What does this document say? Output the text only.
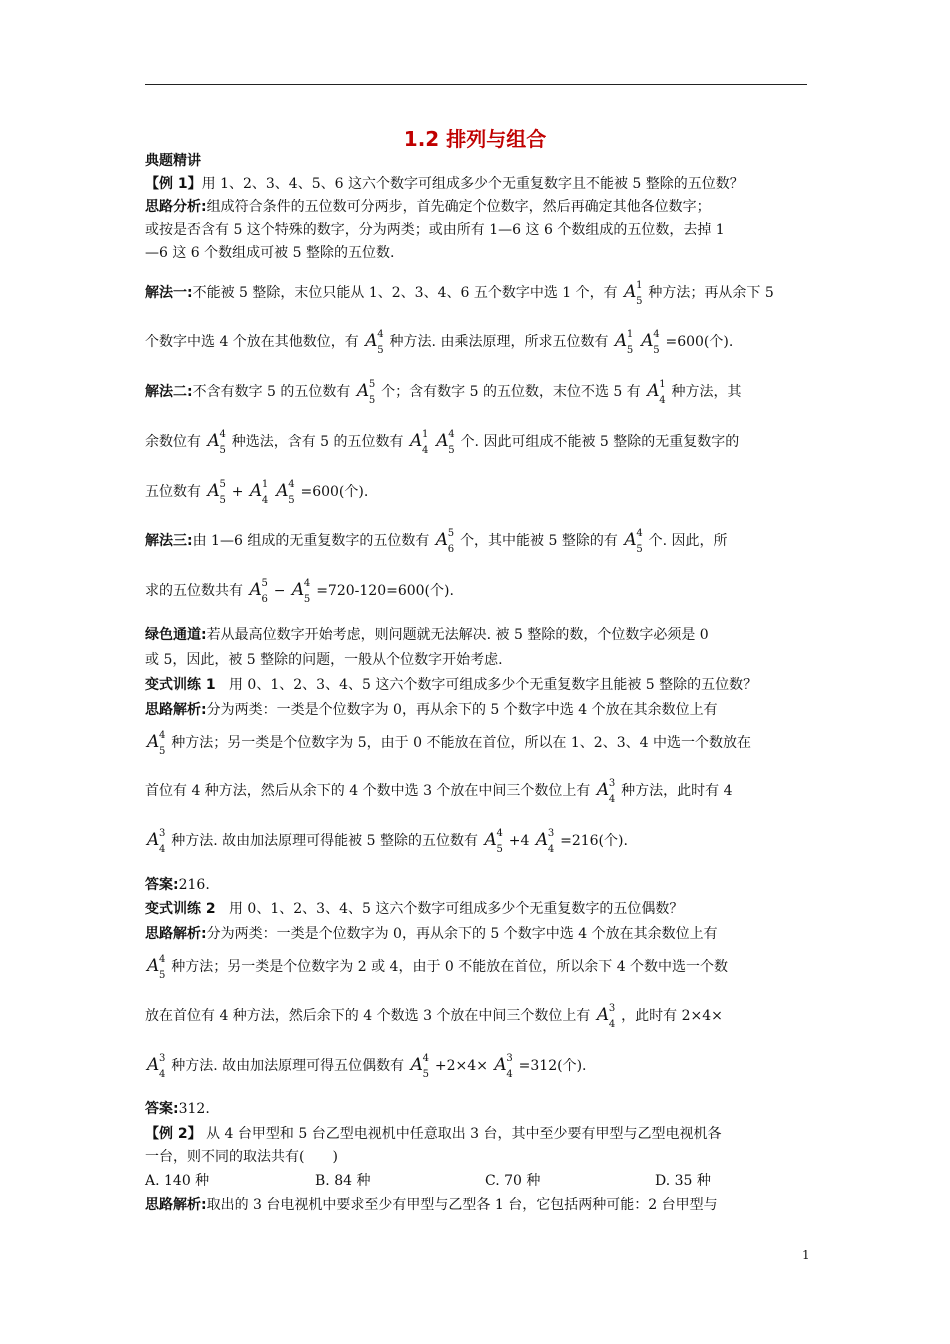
1.2 排列与组合
典题精讲
【例 1】用 1、2、3、4、5、6 这六个数字可组成多少个无重复数字且不能被 5 整除的五位数？
思路分析:组成符合条件的五位数可分两步，首先确定个位数字，然后再确定其他各位数字；
或按是否含有 5 这个特殊的数字，分为两类；或由所有 1—6 这 6 个数组成的五位数，去掉 1
—6 这 6 个数组成可被 5 整除的五位数.
解法一:不能被 5 整除，末位只能从 1、2、3、4、6 五个数字中选 1 个，有 A 1
5
种方法；再从余下 5
个数字中选 4 个放在其他数位，有 A 4
5
种方法. 由乘法原理，所求五位数有 A 1
5 A 4
5
=600(个).
解法二:不含有数字 5 的五位数有 A 5
5
个；含有数字 5 的五位数，末位不选 5 有 A 1
4
种方法，其
余数位有 A 4
5
种选法，含有 5 的五位数有 A 1
4 A 4
5
个. 因此可组成不能被 5 整除的无重复数字的
五位数有 A 5
5
+ A 1
4 A 4
5
=600(个).
解法三:由 1—6 组成的无重复数字的五位数有 A 5
6
个，其中能被 5 整除的有 A 4
5
个. 因此，所
求的五位数共有 A 5
6
− A 4
5
=720-120=600(个).
绿色通道:若从最高位数字开始考虑，则问题就无法解决. 被 5 整除的数，个位数字必须是 0
或 5，因此，被 5 整除的问题，一般从个位数字开始考虑.
变式训练 1 用 0、1、2、3、4、5 这六个数字可组成多少个无重复数字且能被 5 整除的五位数？
思路解析:分为两类：一类是个位数字为 0，再从余下的 5 个数字中选 4 个放在其余数位上有
A 4
5
种方法；另一类是个位数字为 5，由于 0 不能放在首位，所以在 1、2、3、4 中选一个数放在
首位有 4 种方法，然后从余下的 4 个数中选 3 个放在中间三个数位上有 A 3
4
种方法，此时有 4
A 3
4
种方法. 故由加法原理可得能被 5 整除的五位数有 A 4
5
+4 A 3
4
=216(个).
答案:216.
变式训练 2 用 0、1、2、3、4、5 这六个数字可组成多少个无重复数字的五位偶数？
思路解析:分为两类：一类是个位数字为 0，再从余下的 5 个数字中选 4 个放在其余数位上有
A 4
5
种方法；另一类是个位数字为 2 或 4，由于 0 不能放在首位，所以余下 4 个数中选一个数
放在首位有 4 种方法，然后余下的 4 个数选 3 个放在中间三个数位上有 A 3
4
，此时有 2×4×
A 3
4
种方法. 故由加法原理可得五位偶数有 A 4
5
+2×4× A 3
4
=312(个).
答案:312.
【例 2】 从 4 台甲型和 5 台乙型电视机中任意取出 3 台，其中至少要有甲型与乙型电视机各
一台，则不同的取法共有(　　)
A. 140 种	B. 84 种	C. 70 种	D. 35 种
思路解析:取出的 3 台电视机中要求至少有甲型与乙型各 1 台，它包括两种可能：2 台甲型与
1
